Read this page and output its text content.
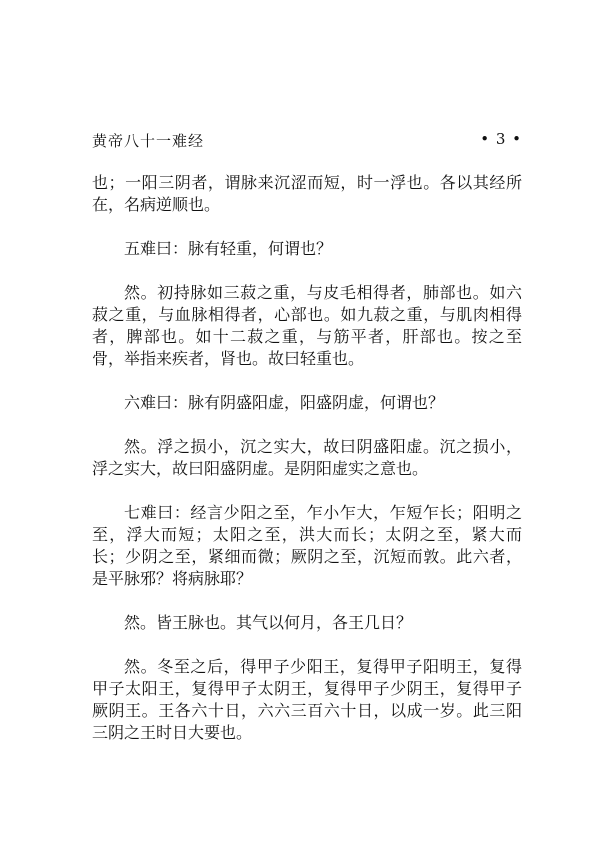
黄帝八十一难经	• 3 •

也；一阳三阴者，谓脉来沉涩而短，时一浮也。各以其经所在，名病逆顺也。

五难曰：脉有轻重，何谓也？

然。初持脉如三菽之重，与皮毛相得者，肺部也。如六菽之重，与血脉相得者，心部也。如九菽之重，与肌肉相得者，脾部也。如十二菽之重，与筋平者，肝部也。按之至骨，举指来疾者，肾也。故曰轻重也。

六难曰：脉有阴盛阳虚，阳盛阴虚，何谓也？

然。浮之损小，沉之实大，故曰阴盛阳虚。沉之损小，浮之实大，故曰阳盛阴虚。是阴阳虚实之意也。

七难曰：经言少阳之至，乍小乍大，乍短乍长；阳明之至，浮大而短；太阳之至，洪大而长；太阴之至，紧大而长；少阴之至，紧细而微；厥阴之至，沉短而敦。此六者，是平脉邪？将病脉耶？

然。皆王脉也。其气以何月，各王几日？

然。冬至之后，得甲子少阳王，复得甲子阳明王，复得甲子太阳王，复得甲子太阴王，复得甲子少阴王，复得甲子厥阴王。王各六十日，六六三百六十日，以成一岁。此三阳三阴之王时日大要也。
